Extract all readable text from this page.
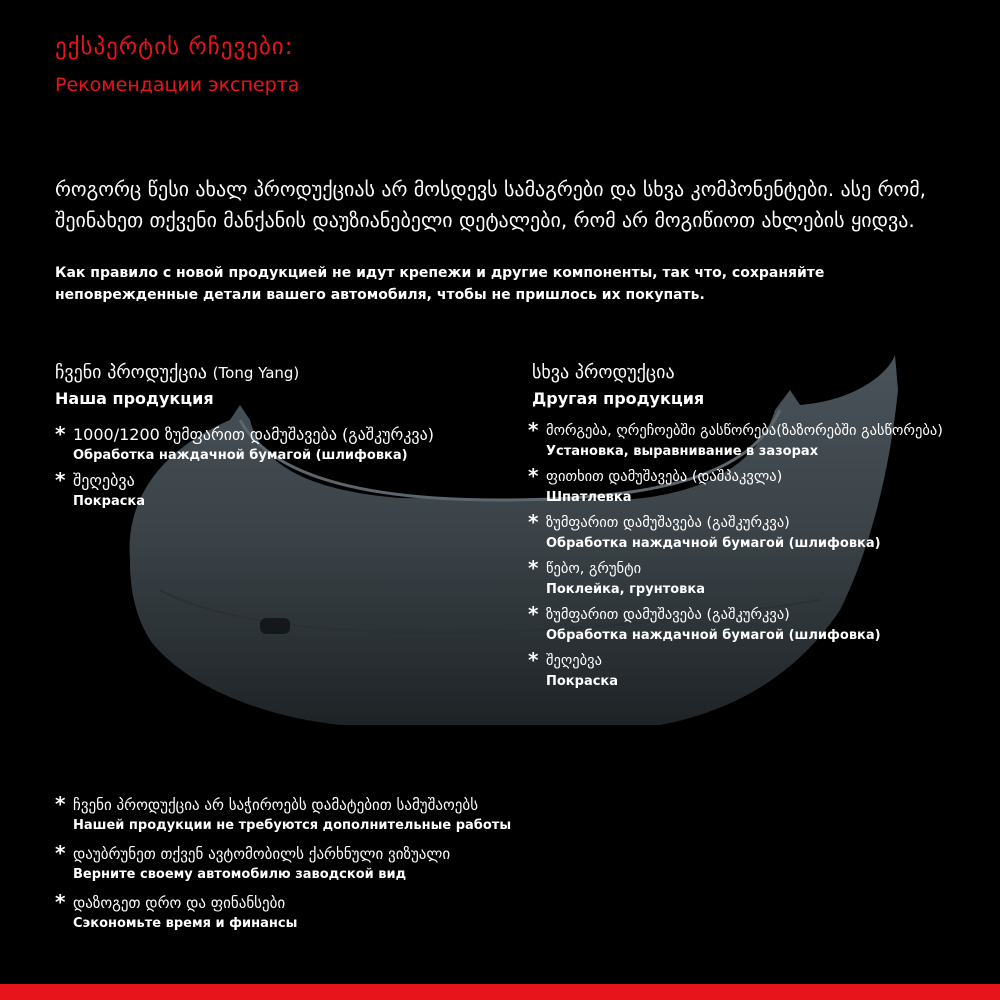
ექსპერტის რჩევები:
Рекомендации эксперта
როგორც წესი ახალ პროდუქციას არ მოსდევს სამაგრები და სხვა კომპონენტები. ასე რომ, შეინახეთ თქვენი მანქანის დაუზიანებელი დეტალები, რომ არ მოგიწიოთ ახლების ყიდვა.
Как правило с новой продукцией не идут крепежи и другие компоненты, так что, сохраняйте неповрежденные детали вашего автомобиля, чтобы не пришлось их покупать.
ჩვენი პროდუქცია (Tong Yang)
Наша продукция
* 1000/1200 ზუმფარით დამუშავება (გაშკურკვა)
Обработка наждачной бумагой (шлифовка)
* შეღებვა
Покраска
სხვა პროდუქცია
Другая продукция
* მორგება, ღრეჩოებში გასწორება(ზაზორებში გასწორება)
Установка, выравнивание в зазорах
* ფითხით დამუშავება (დაშპაკვლა)
Шпатлевка
* ზუმფარით დამუშავება (გაშკურკვა)
Обработка наждачной бумагой (шлифовка)
* წებო, გრუნტი
Поклейка, грунтовка
* ზუმფარით დამუშავება (გაშკურკვა)
Обработка наждачной бумагой (шлифовка)
* შეღებვა
Покраска
* ჩვენი პროდუქცია არ საჭიროებს დამატებით სამუშაოებს
Нашей продукции не требуются дополнительные работы
* დაუბრუნეთ თქვენ ავტომობილს ქარხნული ვიზუალი
Верните своему автомобилю заводской вид
* დაზოგეთ დრო და ფინანსები
Сэкономьте время и финансы
